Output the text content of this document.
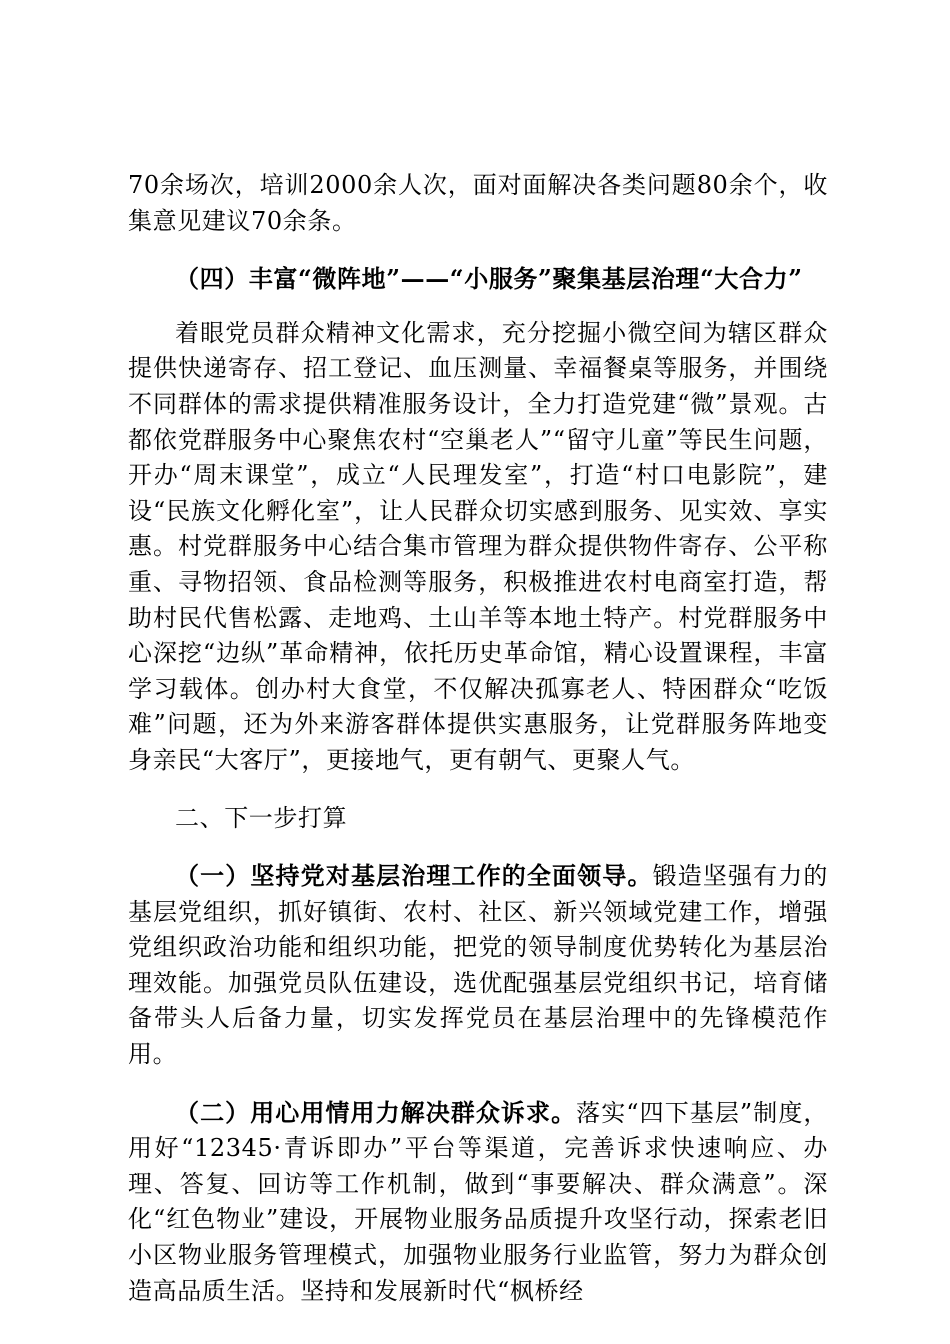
70余场次，培训2000余人次，面对面解决各类问题80余个，收集意见建议70余条。

（四）丰富“微阵地”——“小服务”聚集基层治理“大合力”

着眼党员群众精神文化需求，充分挖掘小微空间为辖区群众提供快递寄存、招工登记、血压测量、幸福餐桌等服务，并围绕不同群体的需求提供精准服务设计，全力打造党建“微”景观。古都依党群服务中心聚焦农村“空巢老人”“留守儿童”等民生问题，开办“周末课堂”，成立“人民理发室”，打造“村口电影院”，建设“民族文化孵化室”，让人民群众切实感到服务、见实效、享实惠。村党群服务中心结合集市管理为群众提供物件寄存、公平称重、寻物招领、食品检测等服务，积极推进农村电商室打造，帮助村民代售松露、走地鸡、土山羊等本地土特产。村党群服务中心深挖“边纵”革命精神，依托历史革命馆，精心设置课程，丰富学习载体。创办村大食堂，不仅解决孤寡老人、特困群众“吃饭难”问题，还为外来游客群体提供实惠服务，让党群服务阵地变身亲民“大客厅”，更接地气，更有朝气、更聚人气。

二、下一步打算

（一）坚持党对基层治理工作的全面领导。锻造坚强有力的基层党组织，抓好镇街、农村、社区、新兴领域党建工作，增强党组织政治功能和组织功能，把党的领导制度优势转化为基层治理效能。加强党员队伍建设，选优配强基层党组织书记，培育储备带头人后备力量，切实发挥党员在基层治理中的先锋模范作用。

（二）用心用情用力解决群众诉求。落实“四下基层”制度，用好“12345·青诉即办”平台等渠道，完善诉求快速响应、办理、答复、回访等工作机制，做到“事要解决、群众满意”。深化“红色物业”建设，开展物业服务品质提升攻坚行动，探索老旧小区物业服务管理模式，加强物业服务行业监管，努力为群众创造高品质生活。坚持和发展新时代“枫桥经
